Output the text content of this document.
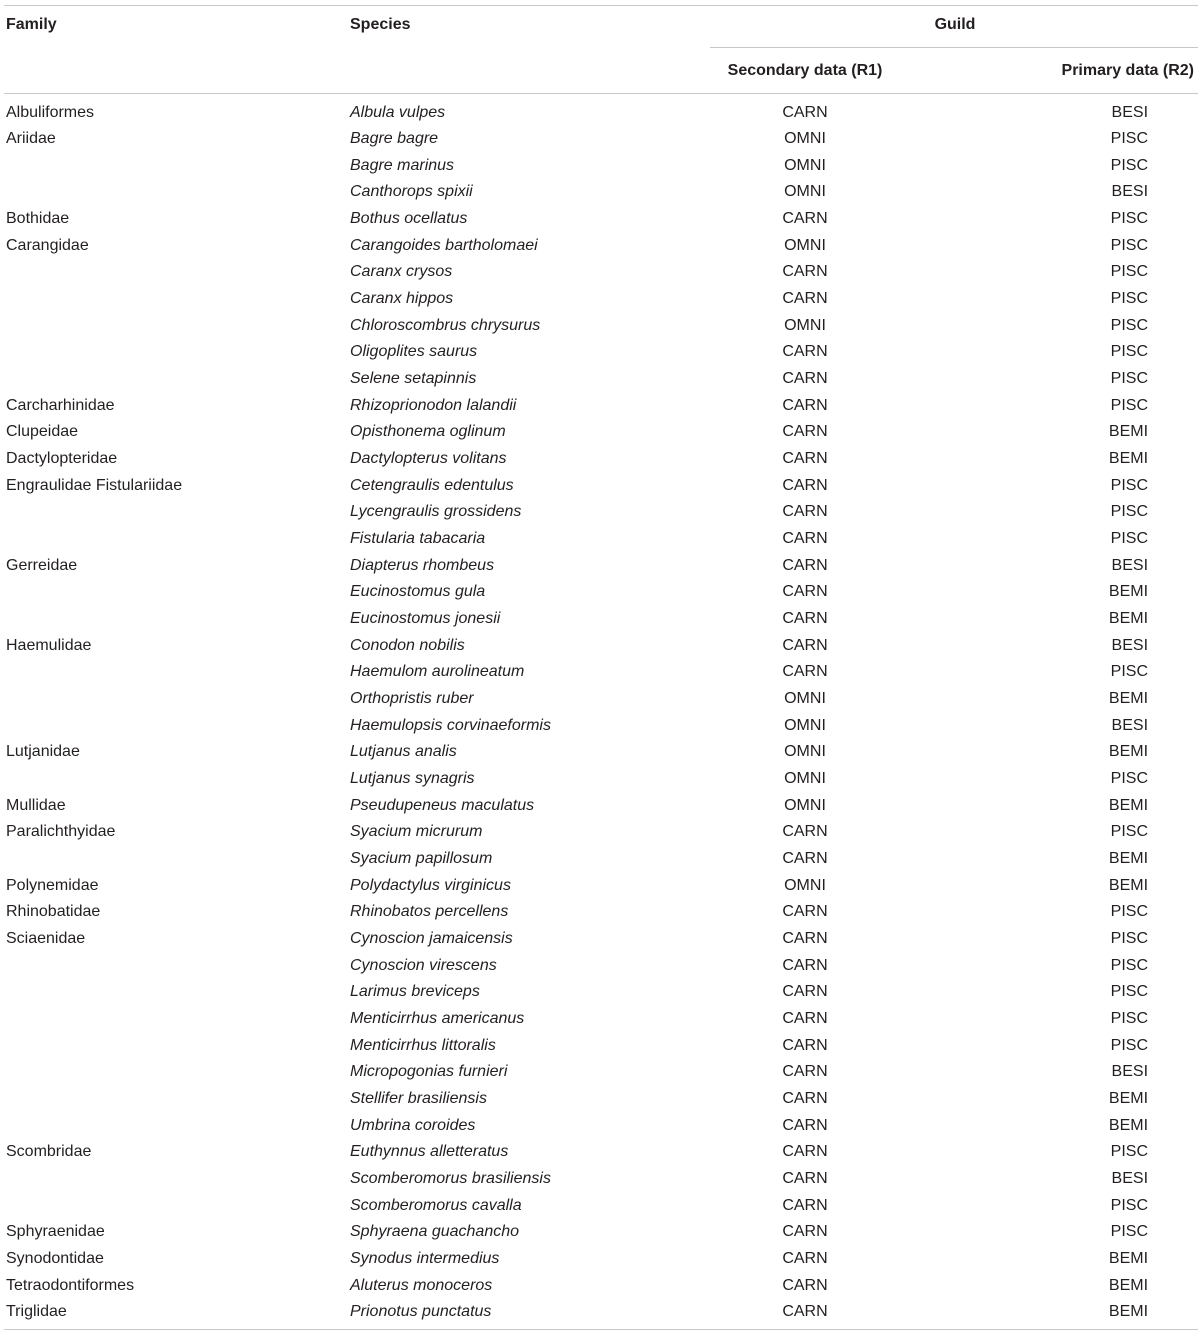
Family	Species	Guild	
		Secondary data (R1)	Primary data (R2)
Albuliformes	Albula vulpes	CARN	BESI
Ariidae	Bagre bagre	OMNI	PISC
	Bagre marinus	OMNI	PISC
	Canthorops spixii	OMNI	BESI
Bothidae	Bothus ocellatus	CARN	PISC
Carangidae	Carangoides bartholomaei	OMNI	PISC
	Caranx crysos	CARN	PISC
	Caranx hippos	CARN	PISC
	Chloroscombrus chrysurus	OMNI	PISC
	Oligoplites saurus	CARN	PISC
	Selene setapinnis	CARN	PISC
Carcharhinidae	Rhizoprionodon lalandii	CARN	PISC
Clupeidae	Opisthonema oglinum	CARN	BEMI
Dactylopteridae	Dactylopterus volitans	CARN	BEMI
Engraulidae Fistulariidae	Cetengraulis edentulus	CARN	PISC
	Lycengraulis grossidens	CARN	PISC
	Fistularia tabacaria	CARN	PISC
Gerreidae	Diapterus rhombeus	CARN	BESI
	Eucinostomus gula	CARN	BEMI
	Eucinostomus jonesii	CARN	BEMI
Haemulidae	Conodon nobilis	CARN	BESI
	Haemulom aurolineatum	CARN	PISC
	Orthopristis ruber	OMNI	BEMI
	Haemulopsis corvinaeformis	OMNI	BESI
Lutjanidae	Lutjanus analis	OMNI	BEMI
	Lutjanus synagris	OMNI	PISC
Mullidae	Pseudupeneus maculatus	OMNI	BEMI
Paralichthyidae	Syacium micrurum	CARN	PISC
	Syacium papillosum	CARN	BEMI
Polynemidae	Polydactylus virginicus	OMNI	BEMI
Rhinobatidae	Rhinobatos percellens	CARN	PISC
Sciaenidae	Cynoscion jamaicensis	CARN	PISC
	Cynoscion virescens	CARN	PISC
	Larimus breviceps	CARN	PISC
	Menticirrhus americanus	CARN	PISC
	Menticirrhus littoralis	CARN	PISC
	Micropogonias furnieri	CARN	BESI
	Stellifer brasiliensis	CARN	BEMI
	Umbrina coroides	CARN	BEMI
Scombridae	Euthynnus alletteratus	CARN	PISC
	Scomberomorus brasiliensis	CARN	BESI
	Scomberomorus cavalla	CARN	PISC
Sphyraenidae	Sphyraena guachancho	CARN	PISC
Synodontidae	Synodus intermedius	CARN	BEMI
Tetraodontiformes	Aluterus monoceros	CARN	BEMI
Triglidae	Prionotus punctatus	CARN	BEMI
